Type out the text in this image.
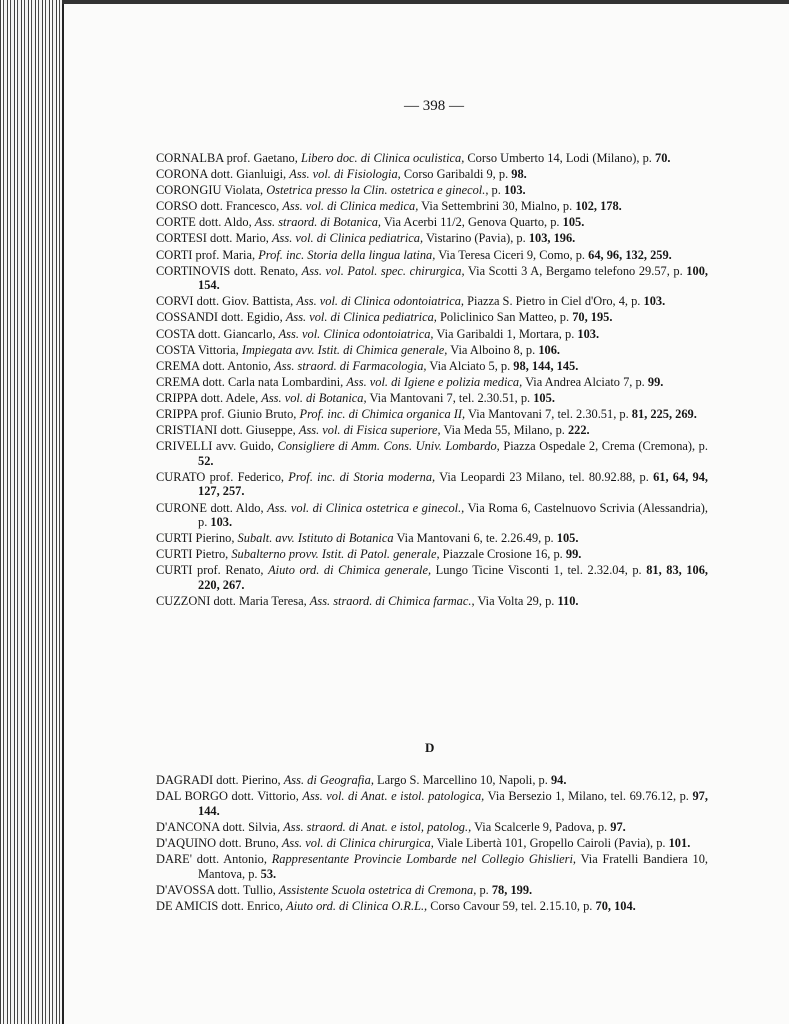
— 398 —

CORNALBA prof. Gaetano, Libero doc. di Clinica oculistica, Corso Umberto 14, Lodi (Milano), p. 70.

CORONA dott. Gianluigi, Ass. vol. di Fisiologia, Corso Garibaldi 9, p. 98.

CORONGIU Violata, Ostetrica presso la Clin. ostetrica e ginecol., p. 103.

CORSO dott. Francesco, Ass. vol. di Clinica medica, Via Settembrini 30, Mialno, p. 102, 178.

CORTE dott. Aldo, Ass. straord. di Botanica, Via Acerbi 11/2, Genova Quarto, p. 105.

CORTESI dott. Mario, Ass. vol. di Clinica pediatrica, Vistarino (Pavia), p. 103, 196.

CORTI prof. Maria, Prof. inc. Storia della lingua latina, Via Teresa Ciceri 9, Como, p. 64, 96, 132, 259.

CORTINOVIS dott. Renato, Ass. vol. Patol. spec. chirurgica, Via Scotti 3 A, Bergamo telefono 29.57, p. 100, 154.

CORVI dott. Giov. Battista, Ass. vol. di Clinica odontoiatrica, Piazza S. Pietro in Ciel d'Oro, 4, p. 103.

COSSANDI dott. Egidio, Ass. vol. di Clinica pediatrica, Policlinico San Matteo, p. 70, 195.

COSTA dott. Giancarlo, Ass. vol. Clinica odontoiatrica, Via Garibaldi 1, Mortara, p. 103.

COSTA Vittoria, Impiegata avv. Istit. di Chimica generale, Via Alboino 8, p. 106.

CREMA dott. Antonio, Ass. straord. di Farmacologia, Via Alciato 5, p. 98, 144, 145.

CREMA dott. Carla nata Lombardini, Ass. vol. di Igiene e polizia medica, Via Andrea Alciato 7, p. 99.

CRIPPA dott. Adele, Ass. vol. di Botanica, Via Mantovani 7, tel. 2.30.51, p. 105.

CRIPPA prof. Giunio Bruto, Prof. inc. di Chimica organica II, Via Mantovani 7, tel. 2.30.51, p. 81, 225, 269.

CRISTIANI dott. Giuseppe, Ass. vol. di Fisica superiore, Via Meda 55, Milano, p. 222.

CRIVELLI avv. Guido, Consigliere di Amm. Cons. Univ. Lombardo, Piazza Ospedale 2, Crema (Cremona), p. 52.

CURATO prof. Federico, Prof. inc. di Storia moderna, Via Leopardi 23 Milano, tel. 80.92.88, p. 61, 64, 94, 127, 257.

CURONE dott. Aldo, Ass. vol. di Clinica ostetrica e ginecol., Via Roma 6, Castelnuovo Scrivia (Alessandria), p. 103.

CURTI Pierino, Subalt. avv. Istituto di Botanica Via Mantovani 6, te. 2.26.49, p. 105.

CURTI Pietro, Subalterno provv. Istit. di Patol. generale, Piazzale Crosione 16, p. 99.

CURTI prof. Renato, Aiuto ord. di Chimica generale, Lungo Ticine Visconti 1, tel. 2.32.04, p. 81, 83, 106, 220, 267.

CUZZONI dott. Maria Teresa, Ass. straord. di Chimica farmac., Via Volta 29, p. 110.

D

DAGRADI dott. Pierino, Ass. di Geografia, Largo S. Marcellino 10, Napoli, p. 94.

DAL BORGO dott. Vittorio, Ass. vol. di Anat. e istol. patologica, Via Bersezio 1, Milano, tel. 69.76.12, p. 97, 144.

D'ANCONA dott. Silvia, Ass. straord. di Anat. e istol, patolog., Via Scalcerle 9, Padova, p. 97.

D'AQUINO dott. Bruno, Ass. vol. di Clinica chirurgica, Viale Libertà 101, Gropello Cairoli (Pavia), p. 101.

DARE' dott. Antonio, Rappresentante Provincie Lombarde nel Collegio Ghislieri, Via Fratelli Bandiera 10, Mantova, p. 53.

D'AVOSSA dott. Tullio, Assistente Scuola ostetrica di Cremona, p. 78, 199.

DE AMICIS dott. Enrico, Aiuto ord. di Clinica O.R.L., Corso Cavour 59, tel. 2.15.10, p. 70, 104.
